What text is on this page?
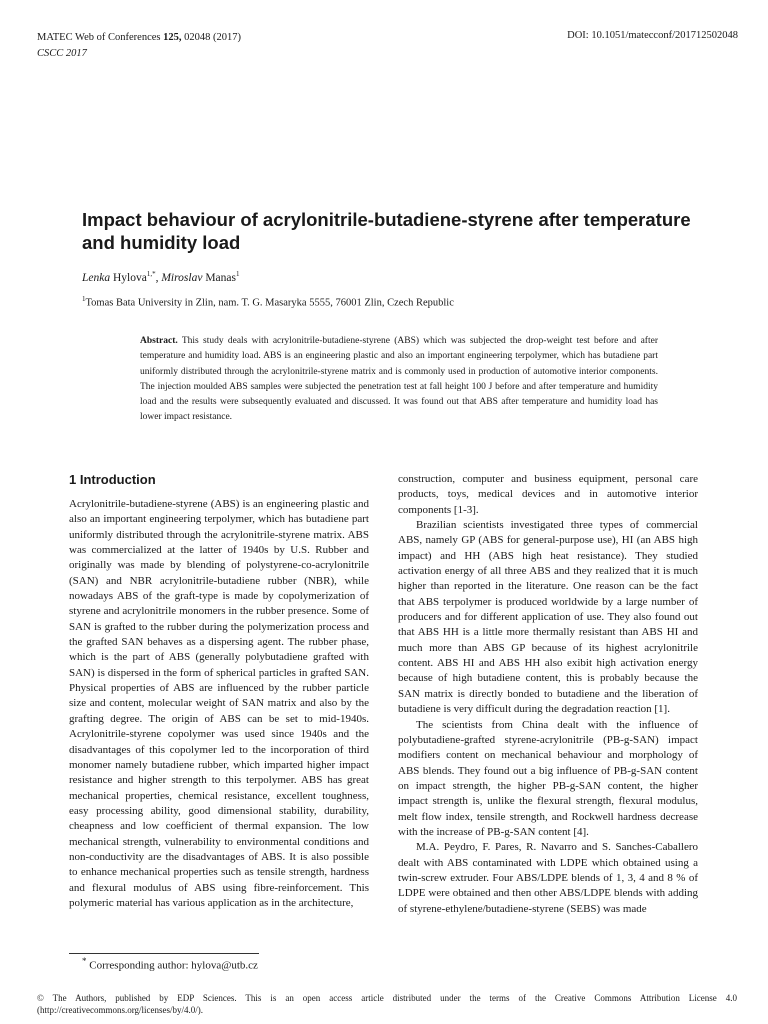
MATEC Web of Conferences 125, 02048 (2017)
CSCC 2017
DOI: 10.1051/matecconf/201712502048
Impact behaviour of acrylonitrile-butadiene-styrene after temperature and humidity load
Lenka Hylova$^{1,*}$, Miroslav Manas$^1$
$^1$Tomas Bata University in Zlin, nam. T. G. Masaryka 5555, 76001 Zlin, Czech Republic

Abstract. This study deals with acrylonitrile-butadiene-styrene (ABS) which was subjected the drop-weight test before and after temperature and humidity load. ABS is an engineering plastic and also an important engineering terpolymer, which has butadiene part uniformly distributed through the acrylonitrile-styrene matrix and is commonly used in production of automotive interior components. The injection moulded ABS samples were subjected the penetration test at fall height 100 J before and after temperature and humidity load and the results were subsequently evaluated and discussed. It was found out that ABS after temperature and humidity load has lower impact resistance.

1 Introduction

Acrylonitrile-butadiene-styrene (ABS) is an engineering plastic and also an important engineering terpolymer, which has butadiene part uniformly distributed through the acrylonitrile-styrene matrix. ABS was commercialized at the latter of 1940s by U.S. Rubber and originally was made by blending of polystyrene-co-acrylonitrile (SAN) and NBR acrylonitrile-butadiene rubber (NBR), while nowadays ABS of the graft-type is made by copolymerization of styrene and acrylonitrile monomers in the rubber presence. Some of SAN is grafted to the rubber during the polymerization process and the grafted SAN behaves as a dispersing agent. The rubber phase, which is the part of ABS (generally polybutadiene grafted with SAN) is dispersed in the form of spherical particles in grafted SAN. Physical properties of ABS are influenced by the rubber particle size and content, molecular weight of SAN matrix and also by the grafting degree. The origin of ABS can be set to mid-1940s. Acrylonitrile-styrene copolymer was used since 1940s and the disadvantages of this copolymer led to the incorporation of third monomer namely butadiene rubber, which imparted higher impact resistance and higher strength to this terpolymer. ABS has great mechanical properties, chemical resistance, excellent toughness, easy processing ability, good dimensional stability, durability, cheapness and low coefficient of thermal expansion. The low mechanical strength, vulnerability to environmental conditions and non-conductivity are the disadvantages of ABS. It is also possible to enhance mechanical properties such as tensile strength, hardness and flexural modulus of ABS using fibre-reinforcement. This polymeric material has various application as in the architecture,

construction, computer and business equipment, personal care products, toys, medical devices and in automotive interior components [1-3].

Brazilian scientists investigated three types of commercial ABS, namely GP (ABS for general-purpose use), HI (an ABS high impact) and HH (ABS high heat resistance). They studied activation energy of all three ABS and they realized that it is much higher than reported in the literature. One reason can be the fact that ABS terpolymer is produced worldwide by a large number of producers and for different application of use. They also found out that ABS HH is a little more thermally resistant than ABS HI and much more than ABS GP because of its highest acrylonitrile content. ABS HI and ABS HH also exibit high activation energy because of high butadiene content, this is probably because the SAN matrix is directly bonded to butadiene and the liberation of butadiene is very difficult during the degradation reaction [1].

The scientists from China dealt with the influence of polybutadiene-grafted styrene-acrylonitrile (PB-g-SAN) impact modifiers content on mechanical behaviour and morphology of ABS blends. They found out a big influence of PB-g-SAN content on impact strength, the higher PB-g-SAN content, the higher impact strength is, unlike the flexural strength, flexural modulus, melt flow index, tensile strength, and Rockwell hardness decrease with the increase of PB-g-SAN content [4].

M.A. Peydro, F. Pares, R. Navarro and S. Sanches-Caballero dealt with ABS contaminated with LDPE which obtained using a twin-screw extruder. Four ABS/LDPE blends of 1, 3, 4 and 8 % of LDPE were obtained and then other ABS/LDPE blends with adding of styrene-ethylene/butadiene-styrene (SEBS) was made

* Corresponding author: hylova@utb.cz
© The Authors, published by EDP Sciences. This is an open access article distributed under the terms of the Creative Commons Attribution License 4.0 (http://creativecommons.org/licenses/by/4.0/).
